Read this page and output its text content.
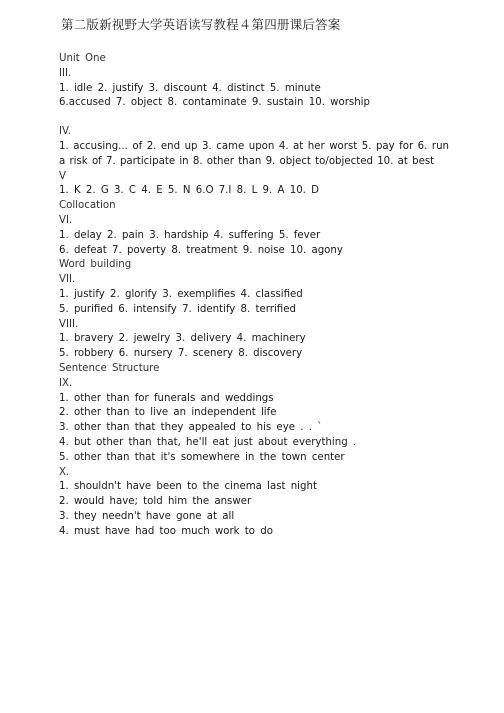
第二版新视野大学英语读写教程４第四册课后答案
Unit One
III.
1. idle 2. justify 3. discount 4. distinct 5. minute
6.accused 7. object 8. contaminate 9. sustain 10. worship
IV.
1. accusing... of 2. end up 3. came upon 4. at her worst 5. pay for 6. run a risk of 7. participate in 8. other than 9. object to/objected 10. at best
V
1. K 2. G 3. C 4. E 5. N 6.O 7.I 8. L 9. A 10. D
Collocation
VI.
1. delay 2. pain 3. hardship 4. suffering 5. fever
6. defeat 7. poverty 8. treatment 9. noise 10. agony
Word building
VII.
1. justify 2. glorify 3. exemplifies 4. classified
5. purified 6. intensify 7. identify 8. terrified
VIII.
1. bravery 2. jewelry 3. delivery 4. machinery
5. robbery 6. nursery 7. scenery 8. discovery
Sentence Structure
IX.
1. other than for funerals and weddings
2. other than to live an independent life
3. other than that they appealed to his eye . . `
4. but other than that, he'll eat just about everything .
5. other than that it's somewhere in the town center
X.
1. shouldn't have been to the cinema last night
2. would have; told him the answer
3. they needn't have gone at all
4. must have had too much work to do
